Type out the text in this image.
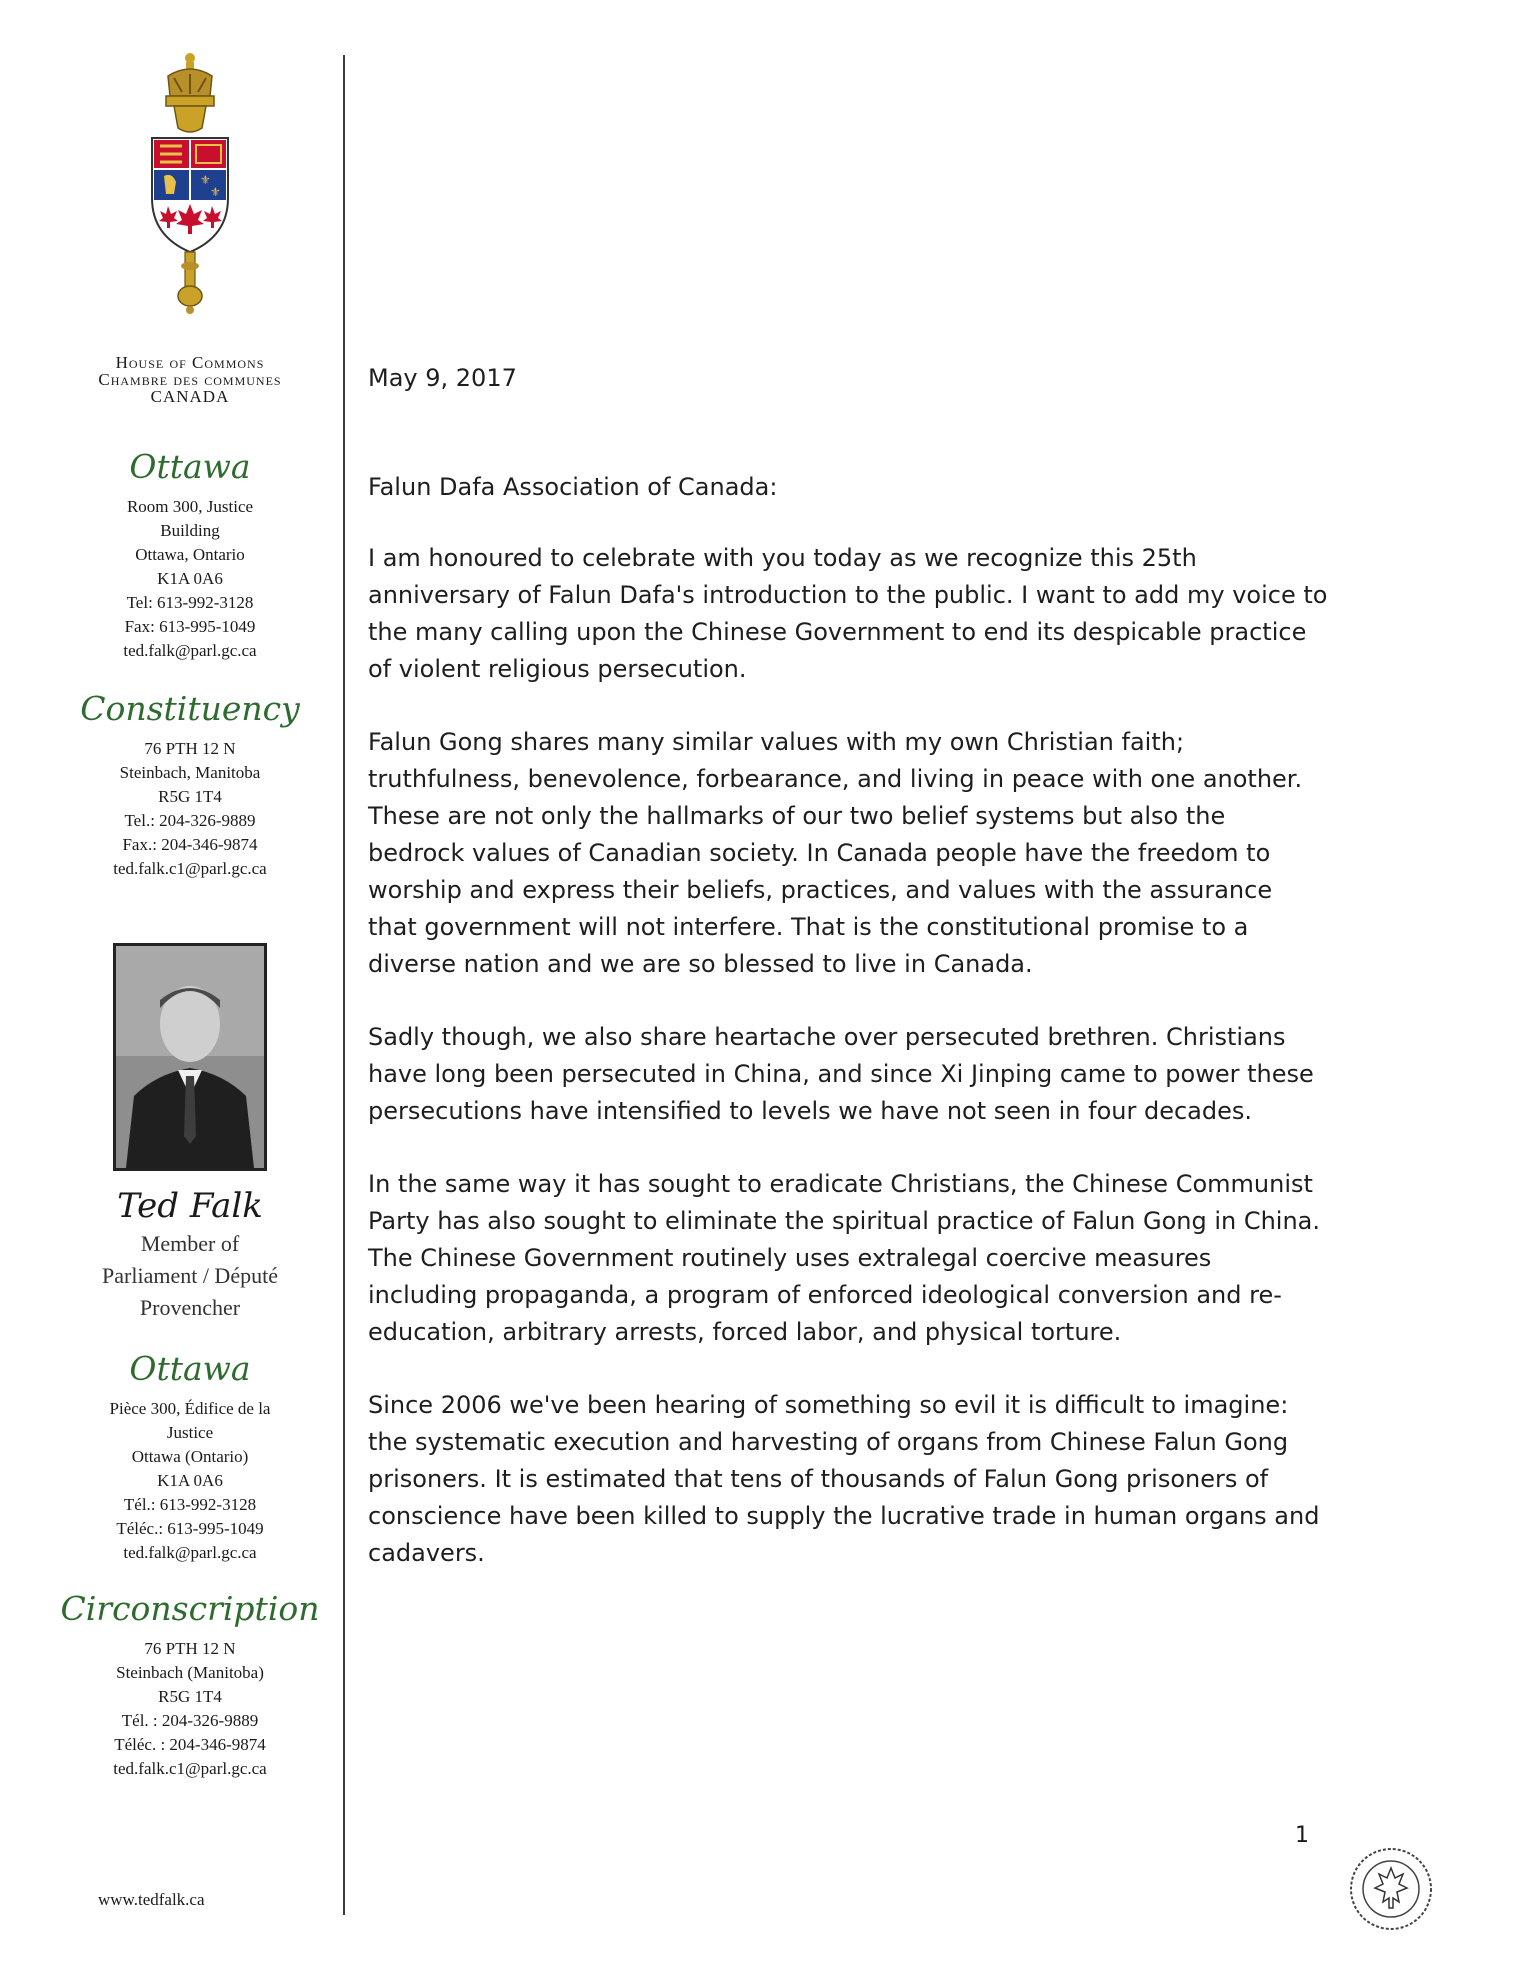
⚜
⚜

House of Commons

Chambre des communes

CANADA

Ottawa

Room 300, Justice

Building

Ottawa, Ontario

K1A 0A6

Tel: 613-992-3128

Fax: 613-995-1049

ted.falk@parl.gc.ca

Constituency

76 PTH 12 N

Steinbach, Manitoba

R5G 1T4

Tel.: 204-326-9889

Fax.: 204-346-9874

ted.falk.c1@parl.gc.ca

Ted Falk

Member of

Parliament / Député

Provencher

Ottawa

Pièce 300, Édifice de la

Justice

Ottawa (Ontario)

K1A 0A6

Tél.: 613-992-3128

Téléc.: 613-995-1049

ted.falk@parl.gc.ca

Circonscription

76 PTH 12 N

Steinbach (Manitoba)

R5G 1T4

Tél. : 204-326-9889

Téléc. : 204-346-9874

ted.falk.c1@parl.gc.ca

www.tedfalk.ca

May 9, 2017

Falun Dafa Association of Canada:

I am honoured to celebrate with you today as we recognize this 25th anniversary of Falun Dafa's introduction to the public. I want to add my voice to the many calling upon the Chinese Government to end its despicable practice of violent religious persecution.

Falun Gong shares many similar values with my own Christian faith; truthfulness, benevolence, forbearance, and living in peace with one another. These are not only the hallmarks of our two belief systems but also the bedrock values of Canadian society. In Canada people have the freedom to worship and express their beliefs, practices, and values with the assurance that government will not interfere. That is the constitutional promise to a diverse nation and we are so blessed to live in Canada.

Sadly though, we also share heartache over persecuted brethren. Christians have long been persecuted in China, and since Xi Jinping came to power these persecutions have intensified to levels we have not seen in four decades.

In the same way it has sought to eradicate Christians, the Chinese Communist Party has also sought to eliminate the spiritual practice of Falun Gong in China. The Chinese Government routinely uses extralegal coercive measures including propaganda, a program of enforced ideological conversion and re-education, arbitrary arrests, forced labor, and physical torture.

Since 2006 we've been hearing of something so evil it is difficult to imagine: the systematic execution and harvesting of organs from Chinese Falun Gong prisoners. It is estimated that tens of thousands of Falun Gong prisoners of conscience have been killed to supply the lucrative trade in human organs and cadavers.

1
